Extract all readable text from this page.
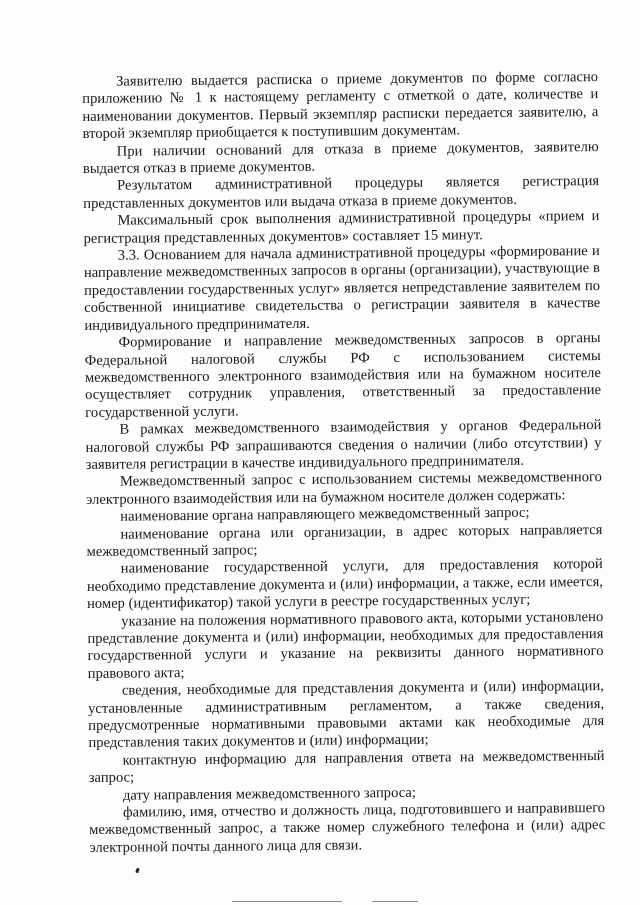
Заявителю выдается расписка о приеме документов по форме согласно приложению № 1 к настоящему регламенту с отметкой о дате, количестве и наименовании документов. Первый экземпляр расписки передается заявителю, а второй экземпляр приобщается к поступившим документам.

При наличии оснований для отказа в приеме документов, заявителю выдается отказ в приеме документов.

Результатом административной процедуры является регистрация представленных документов или выдача отказа в приеме документов.

Максимальный срок выполнения административной процедуры «прием и регистрация представленных документов» составляет 15 минут.

3.3. Основанием для начала административной процедуры «формирование и направление межведомственных запросов в органы (организации), участвующие в предоставлении государственных услуг» является непредставление заявителем по собственной инициативе свидетельства о регистрации заявителя в качестве индивидуального предпринимателя.

Формирование и направление межведомственных запросов в органы Федеральной налоговой службы РФ с использованием системы межведомственного электронного взаимодействия или на бумажном носителе осуществляет сотрудник управления, ответственный за предоставление государственной услуги.

В рамках межведомственного взаимодействия у органов Федеральной налоговой службы РФ запрашиваются сведения о наличии (либо отсутствии) у заявителя регистрации в качестве индивидуального предпринимателя.

Межведомственный запрос с использованием системы межведомственного электронного взаимодействия или на бумажном носителе должен содержать:

наименование органа направляющего межведомственный запрос;

наименование органа или организации, в адрес которых направляется межведомственный запрос;

наименование государственной услуги, для предоставления которой необходимо представление документа и (или) информации, а также, если имеется, номер (идентификатор) такой услуги в реестре государственных услуг;

указание на положения нормативного правового акта, которыми установлено представление документа и (или) информации, необходимых для предоставления государственной услуги и указание на реквизиты данного нормативного правового акта;

сведения, необходимые для представления документа и (или) информации, установленные административным регламентом, а также сведения, предусмотренные нормативными правовыми актами как необходимые для представления таких документов и (или) информации;

контактную информацию для направления ответа на межведомственный запрос;

дату направления межведомственного запроса;

фамилию, имя, отчество и должность лица, подготовившего и направившего межведомственный запрос, а также номер служебного телефона и (или) адрес электронной почты данного лица для связи.
